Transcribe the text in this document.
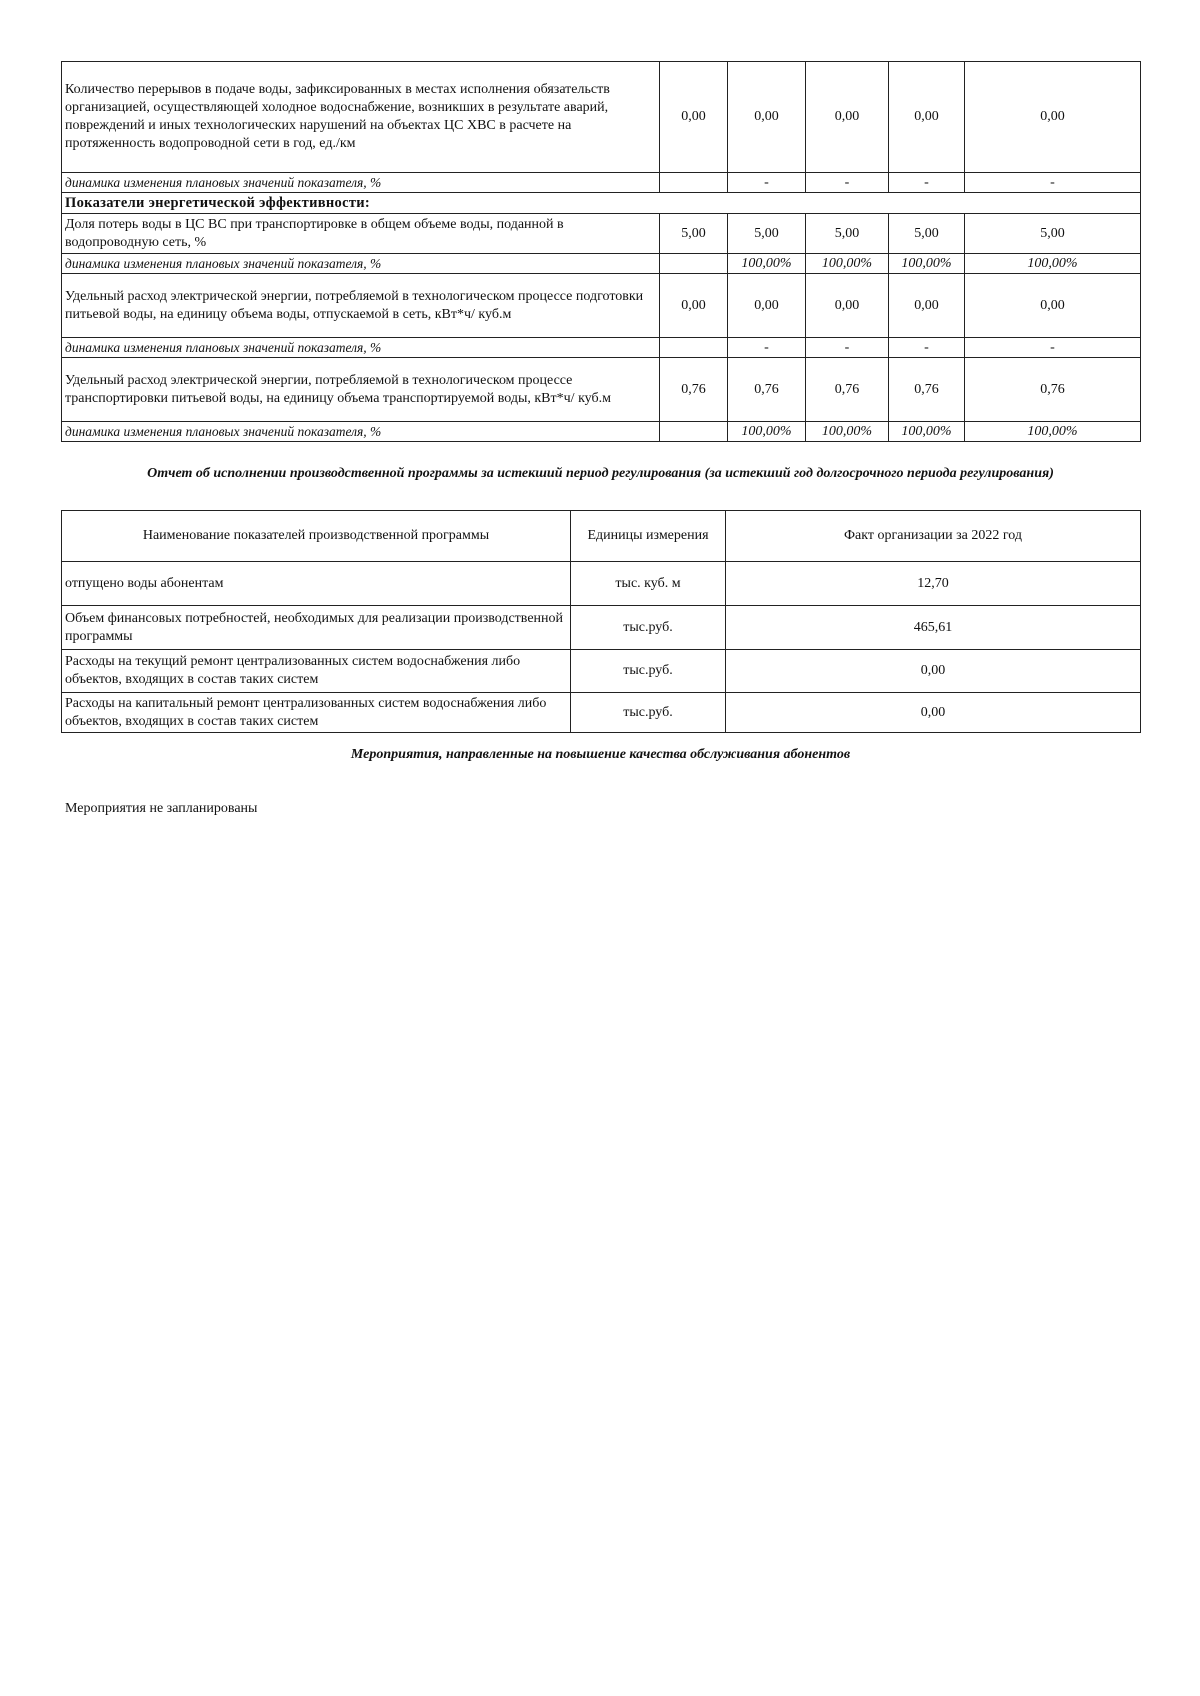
Количество перерывов в подаче воды, зафиксированных в местах исполнения обязательств организацией, осуществляющей холодное водоснабжение, возникших в результате аварий, повреждений и иных технологических нарушений на объектах ЦС ХВС в расчете на протяженность водопроводной сети в год, ед./км	0,00	0,00	0,00	0,00	0,00
динамика изменения плановых значений показателя, %		-	-	-	-
Показатели энергетической эффективности:					
Доля потерь воды в ЦС ВС при транспортировке в общем объеме воды, поданной в водопроводную сеть, %	5,00	5,00	5,00	5,00	5,00
динамика изменения плановых значений показателя, %		100,00%	100,00%	100,00%	100,00%
Удельный расход электрической энергии, потребляемой в технологическом процессе подготовки питьевой воды, на единицу объема воды, отпускаемой в сеть, кВт*ч/ куб.м	0,00	0,00	0,00	0,00	0,00
динамика изменения плановых значений показателя, %		-	-	-	-
Удельный расход электрической энергии, потребляемой в технологическом процессе транспортировки питьевой воды, на единицу объема транспортируемой воды, кВт*ч/ куб.м	0,76	0,76	0,76	0,76	0,76
динамика изменения плановых значений показателя, %		100,00%	100,00%	100,00%	100,00%
Отчет об исполнении производственной программы за истекший период регулирования (за истекший год долгосрочного периода регулирования)
Наименование показателей производственной программы	Единицы измерения	Факт организации за 2022 год
отпущено воды абонентам	тыс. куб. м	12,70
Объем финансовых потребностей, необходимых для реализации производственной программы	тыс.руб.	465,61
Расходы на текущий ремонт централизованных систем водоснабжения либо объектов, входящих в состав таких систем	тыс.руб.	0,00
Расходы на капитальный ремонт централизованных систем водоснабжения либо объектов, входящих в состав таких систем	тыс.руб.	0,00
Мероприятия, направленные на повышение качества обслуживания абонентов
Мероприятия не запланированы
